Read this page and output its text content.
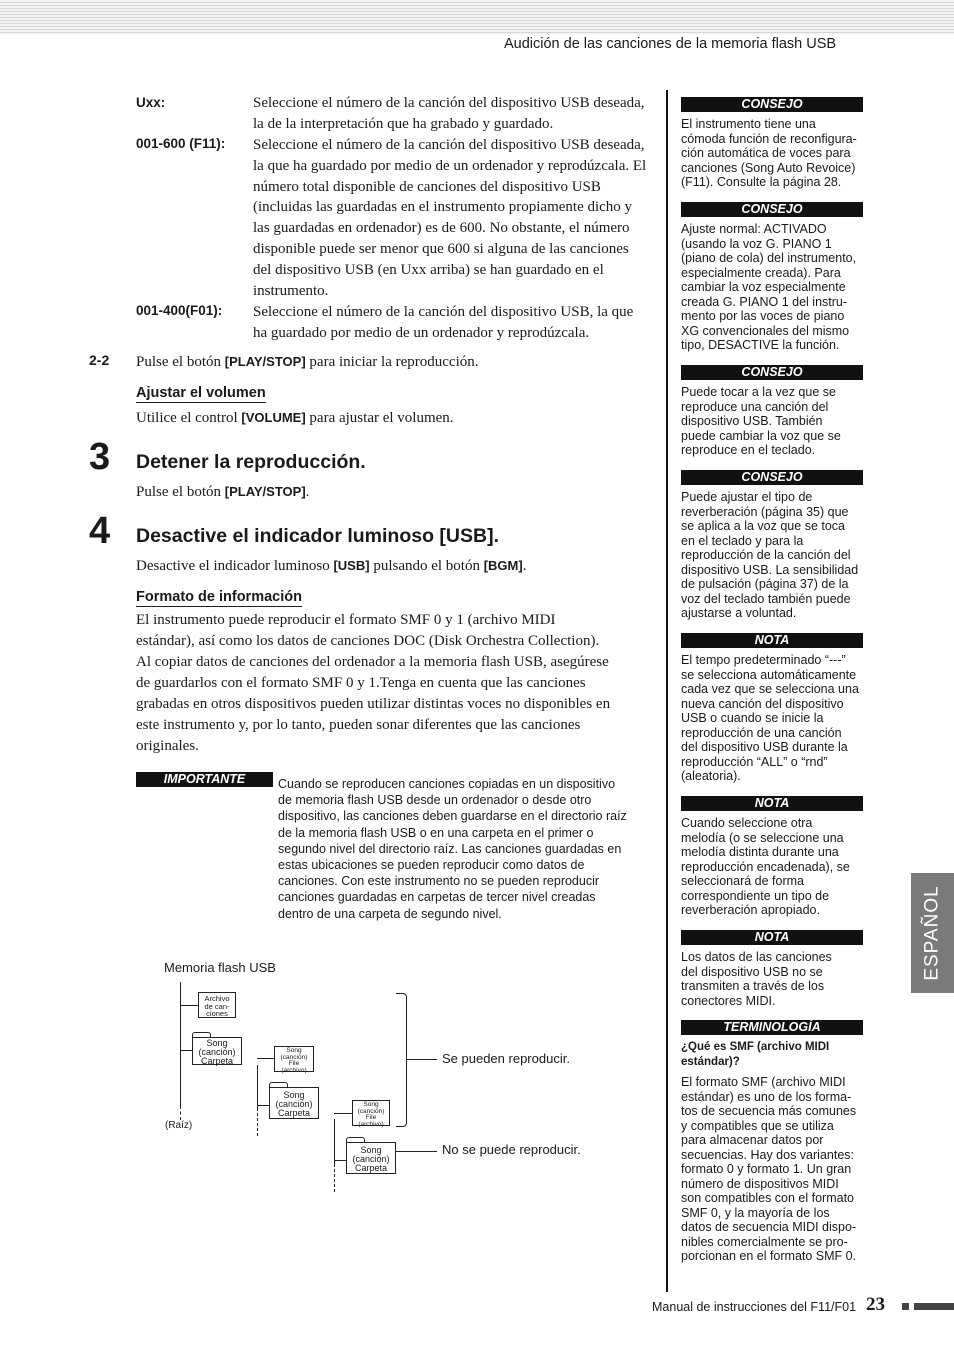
Audición de las canciones de la memoria flash USB
Uxx:	Seleccione el número de la canción del dispositivo USB deseada, la de la interpretación que ha grabado y guardado.
001-600 (F11): Seleccione el número de la canción del dispositivo USB deseada, la que ha guardado por medio de un ordenador y reprodúzcala. El número total disponible de canciones del dispositivo USB (incluidas las guardadas en el instrumento propiamente dicho y las guardadas en ordenador) es de 600. No obstante, el número disponible puede ser menor que 600 si alguna de las canciones del dispositivo USB (en Uxx arriba) se han guardado en el instrumento.
001-400(F01): Seleccione el número de la canción del dispositivo USB, la que ha guardado por medio de un ordenador y reprodúzcala.
2-2 Pulse el botón [PLAY/STOP] para iniciar la reproducción.
Ajustar el volumen
Utilice el control [VOLUME] para ajustar el volumen.
3 Detener la reproducción.
Pulse el botón [PLAY/STOP].
4 Desactive el indicador luminoso [USB].
Desactive el indicador luminoso [USB] pulsando el botón [BGM].
Formato de información
El instrumento puede reproducir el formato SMF 0 y 1 (archivo MIDI
estándar), así como los datos de canciones DOC (Disk Orchestra Collection).
Al copiar datos de canciones del ordenador a la memoria flash USB, asegúrese
de guardarlos con el formato SMF 0 y 1.Tenga en cuenta que las canciones
grabadas en otros dispositivos pueden utilizar distintas voces no disponibles en
este instrumento y, por lo tanto, pueden sonar diferentes que las canciones
originales.
IMPORTANTE	Cuando se reproducen canciones copiadas en un dispositivo
de memoria flash USB desde un ordenador o desde otro
dispositivo, las canciones deben guardarse en el directorio raíz
de la memoria flash USB o en una carpeta en el primer o
segundo nivel del directorio raíz. Las canciones guardadas en
estas ubicaciones se pueden reproducir como datos de
canciones. Con este instrumento no se pueden reproducir
canciones guardadas en carpetas de tercer nivel creadas
dentro de una carpeta de segundo nivel.
Memoria flash USB
(Raíz)
Archivo
de can-
ciones
Song
(canción)
Carpeta
Song
(canción)
File
(archivo)
Song
(canción)
Carpeta
Song
(canción)
File
(archivo)
Song
(canción)
Carpeta
Se pueden reproducir.
No se puede reproducir.
CONSEJO
El instrumento tiene una
cómoda función de reconfigura-
ción automática de voces para
canciones (Song Auto Revoice)
(F11). Consulte la página 28.
CONSEJO
Ajuste normal: ACTIVADO
(usando la voz G. PIANO 1
(piano de cola) del instrumento,
especialmente creada). Para
cambiar la voz especialmente
creada G. PIANO 1 del instru-
mento por las voces de piano
XG convencionales del mismo
tipo, DESACTIVE la función.
CONSEJO
Puede tocar a la vez que se
reproduce una canción del
dispositivo USB. También
puede cambiar la voz que se
reproduce en el teclado.
CONSEJO
Puede ajustar el tipo de
reverberación (página 35) que
se aplica a la voz que se toca
en el teclado y para la
reproducción de la canción del
dispositivo USB. La sensibilidad
de pulsación (página 37) de la
voz del teclado también puede
ajustarse a voluntad.
NOTA
El tempo predeterminado “---”
se selecciona automáticamente
cada vez que se selecciona una
nueva canción del dispositivo
USB o cuando se inicie la
reproducción de una canción
del dispositivo USB durante la
reproducción “ALL” o “rnd”
(aleatoria).
NOTA
Cuando seleccione otra
melodía (o se seleccione una
melodía distinta durante una
reproducción encadenada), se
seleccionará de forma
correspondiente un tipo de
reverberación apropiado.
NOTA
Los datos de las canciones
del dispositivo USB no se
transmiten a través de los
conectores MIDI.
TERMINOLOGÍA
¿Qué es SMF (archivo MIDI
estándar)?
El formato SMF (archivo MIDI
estándar) es uno de los forma-
tos de secuencia más comunes
y compatibles que se utiliza
para almacenar datos por
secuencias. Hay dos variantes:
formato 0 y formato 1. Un gran
número de dispositivos MIDI
son compatibles con el formato
SMF 0, y la mayoría de los
datos de secuencia MIDI dispo-
nibles comercialmente se pro-
porcionan en el formato SMF 0.
ESPAÑOL
Manual de instrucciones del F11/F01 23
